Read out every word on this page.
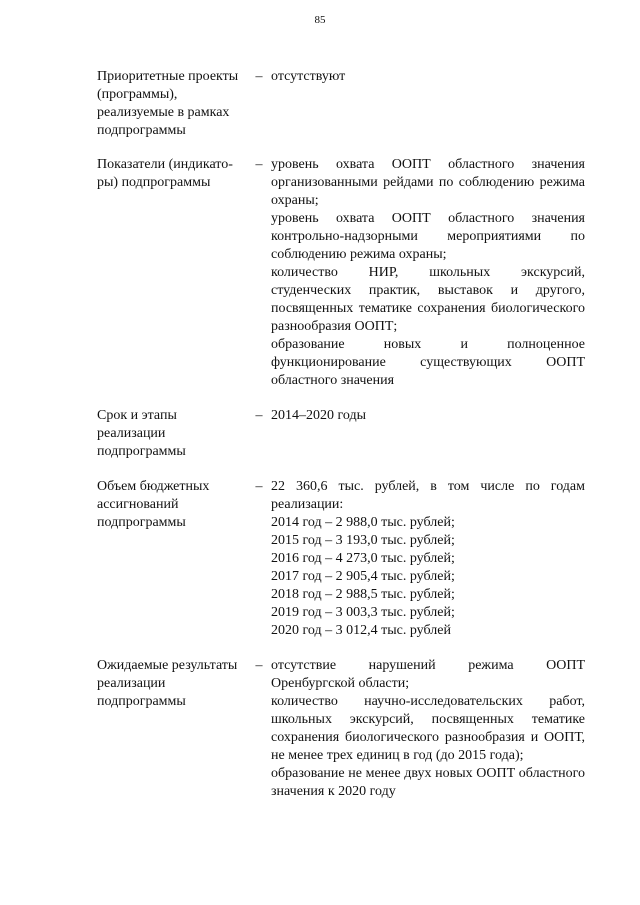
85
Приоритетные проекты
(программы),
реализуемые в рамках
подпрограммы
– отсутствуют

Показатели (индикато-
ры) подпрограммы
– уровень охвата ООПТ областного значения организованными рейдами по соблюдению режима охраны;

уровень охвата ООПТ областного значения контрольно-надзорными мероприятиями по соблюдению режима охраны;

количество НИР, школьных экскурсий, студенческих практик, выставок и другого, посвященных тематике сохранения биологического разнообразия ООПТ;

образование новых и полноценное функционирование существующих ООПТ областного значения

Срок и этапы
реализации
подпрограммы
– 2014–2020 годы

Объем бюджетных
ассигнований
подпрограммы
– 22 360,6 тыс. рублей, в том числе по годам реализации:

2014 год – 2 988,0 тыс. рублей;

2015 год – 3 193,0 тыс. рублей;

2016 год – 4 273,0 тыс. рублей;

2017 год – 2 905,4 тыс. рублей;

2018 год – 2 988,5 тыс. рублей;

2019 год – 3 003,3 тыс. рублей;

2020 год – 3 012,4 тыс. рублей

Ожидаемые результаты
реализации
подпрограммы
– отсутствие нарушений режима ООПТ Оренбургской области;

количество научно-исследовательских работ, школьных экскурсий, посвященных тематике сохранения биологического разнообразия и ООПТ, не менее трех единиц в год (до 2015 года);

образование не менее двух новых ООПТ областного значения к 2020 году
